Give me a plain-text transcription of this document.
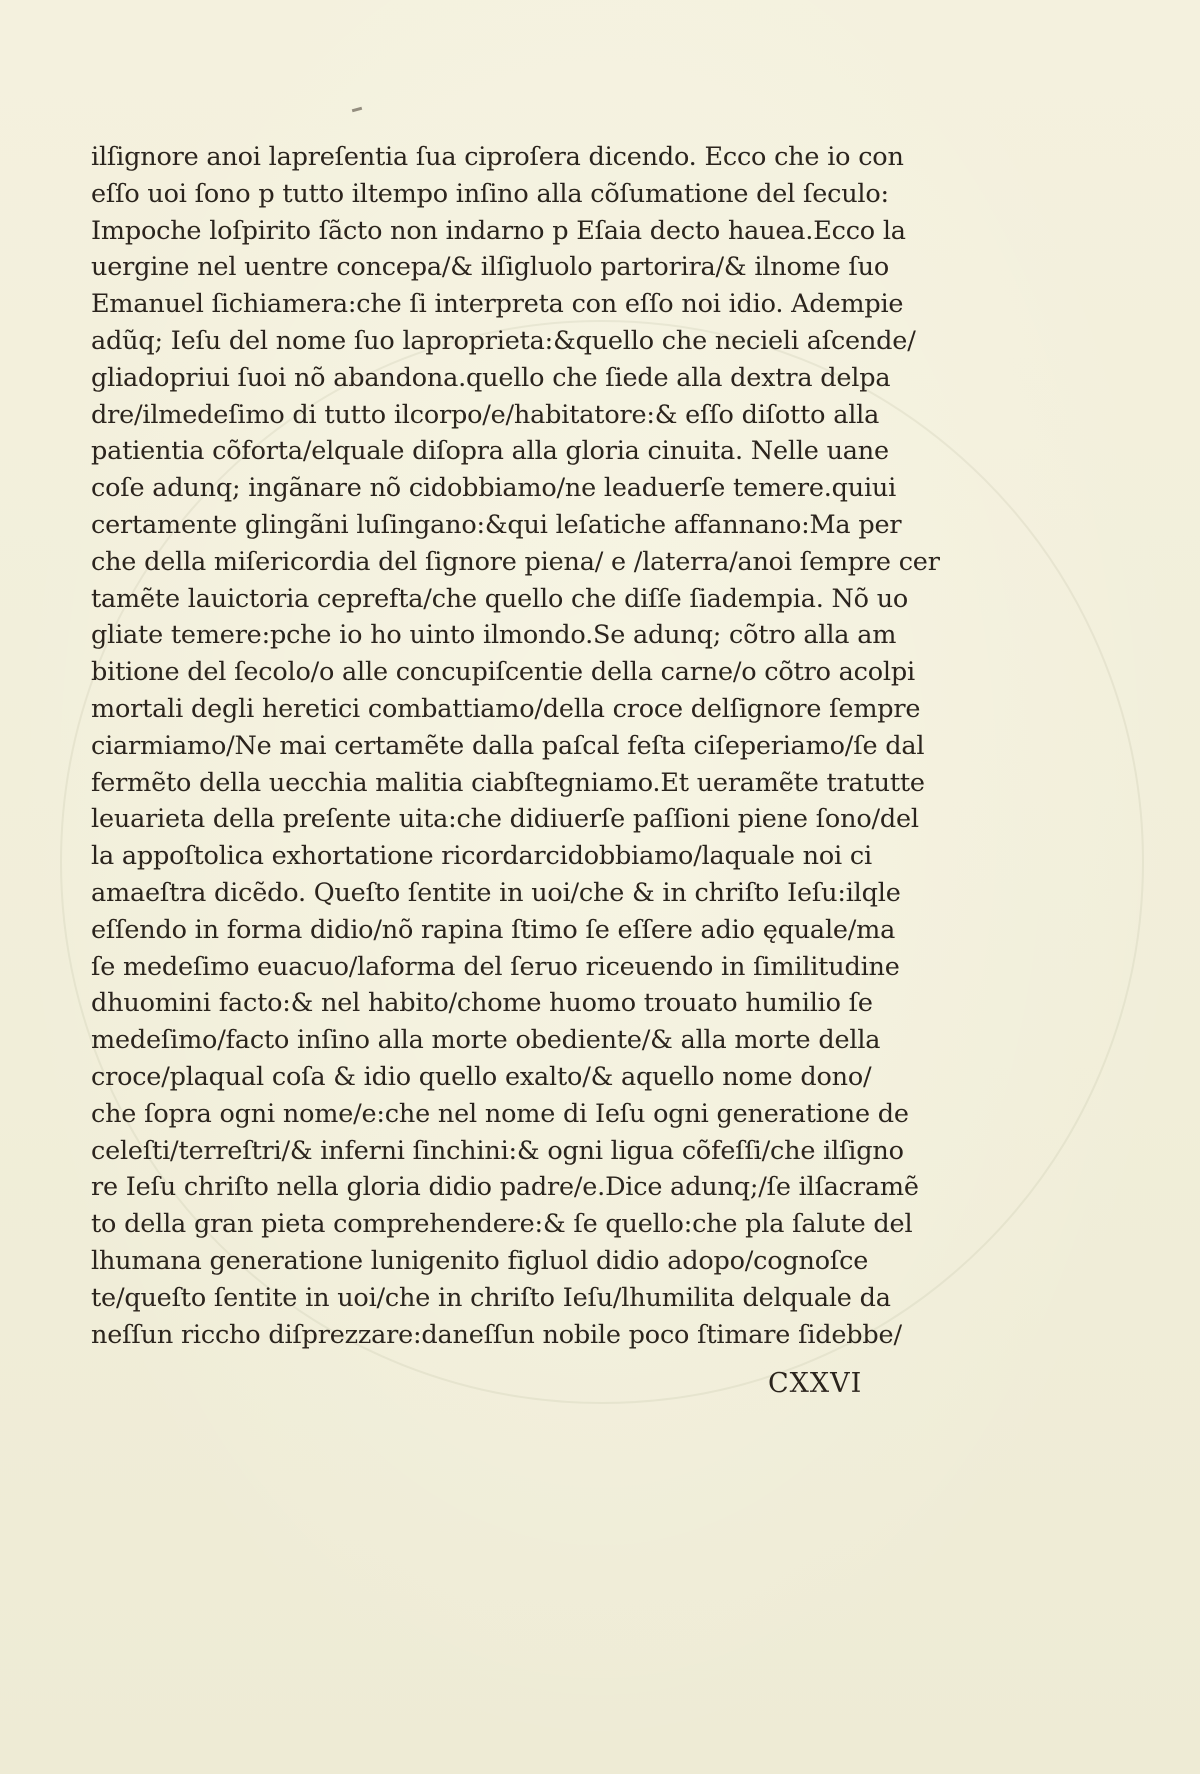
ilſignore anoi lapreſentia ſua ciproſera dicendo. Ecco che io con
eſſo uoi ſono p tutto iltempo inſino alla cõſumatione del ſeculo:
Impoche loſpirito ſãcto non indarno p Eſaia decto hauea.Ecco la
uergine nel uentre concepa/& ilſigluolo partorira/& ilnome ſuo
Emanuel ſichiamera:che ſi interpreta con eſſo noi idio. Adempie
adũq; Ieſu del nome ſuo laproprieta:&quello che necieli aſcende/
gliadopriui ſuoi nõ abandona.quello che ſiede alla dextra delpa
dre/ilmedeſimo di tutto ilcorpo/e/habitatore:& eſſo diſotto alla
patientia cõforta/elquale diſopra alla gloria cinuita. Nelle uane
coſe adunq; ingãnare nõ cidobbiamo/ne leaduerſe temere.quiui
certamente glingãni luſingano:&qui leſatiche affannano:Ma per
che della miſericordia del ſignore piena/ e /laterra/anoi ſempre cer
tamẽte lauictoria ceprefta/che quello che diſſe ſiadempia. Nõ uo
gliate temere:pche io ho uinto ilmondo.Se adunq; cõtro alla am
bitione del ſecolo/o alle concupiſcentie della carne/o cõtro acolpi
mortali degli heretici combattiamo/della croce delſignore ſempre
ciarmiamo/Ne mai certamẽte dalla paſcal feſta ciſeperiamo/ſe dal
fermẽto della uecchia malitia ciabſtegniamo.Et ueramẽte tratutte
leuarieta della preſente uita:che didiuerſe paſſioni piene ſono/del
la appoſtolica exhortatione ricordarcidobbiamo/laquale noi ci
amaeſtra dicẽdo. Queſto ſentite in uoi/che & in chriſto Ieſu:ilqle
eſſendo in forma didio/nõ rapina ſtimo ſe eſſere adio ęquale/ma
ſe medeſimo euacuo/laforma del ſeruo riceuendo in ſimilitudine
dhuomini facto:& nel habito/chome huomo trouato humilio ſe
medeſimo/facto inſino alla morte obediente/& alla morte della
croce/plaqual coſa & idio quello exalto/& aquello nome dono/
che ſopra ogni nome/e:che nel nome di Ieſu ogni generatione de
celeſti/terreſtri/& inferni ſinchini:& ogni ligua cõfeſſi/che ilſigno
re Ieſu chriſto nella gloria didio padre/e.Dice adunq;/ſe ilſacramẽ
to della gran pieta comprehendere:& ſe quello:che pla ſalute del
lhumana generatione lunigenito figluol didio adopo/cognoſce
te/queſto ſentite in uoi/che in chriſto Ieſu/lhumilita delquale da
neſſun riccho diſprezzare:daneſſun nobile poco ſtimare ſidebbe/
CXXVI
